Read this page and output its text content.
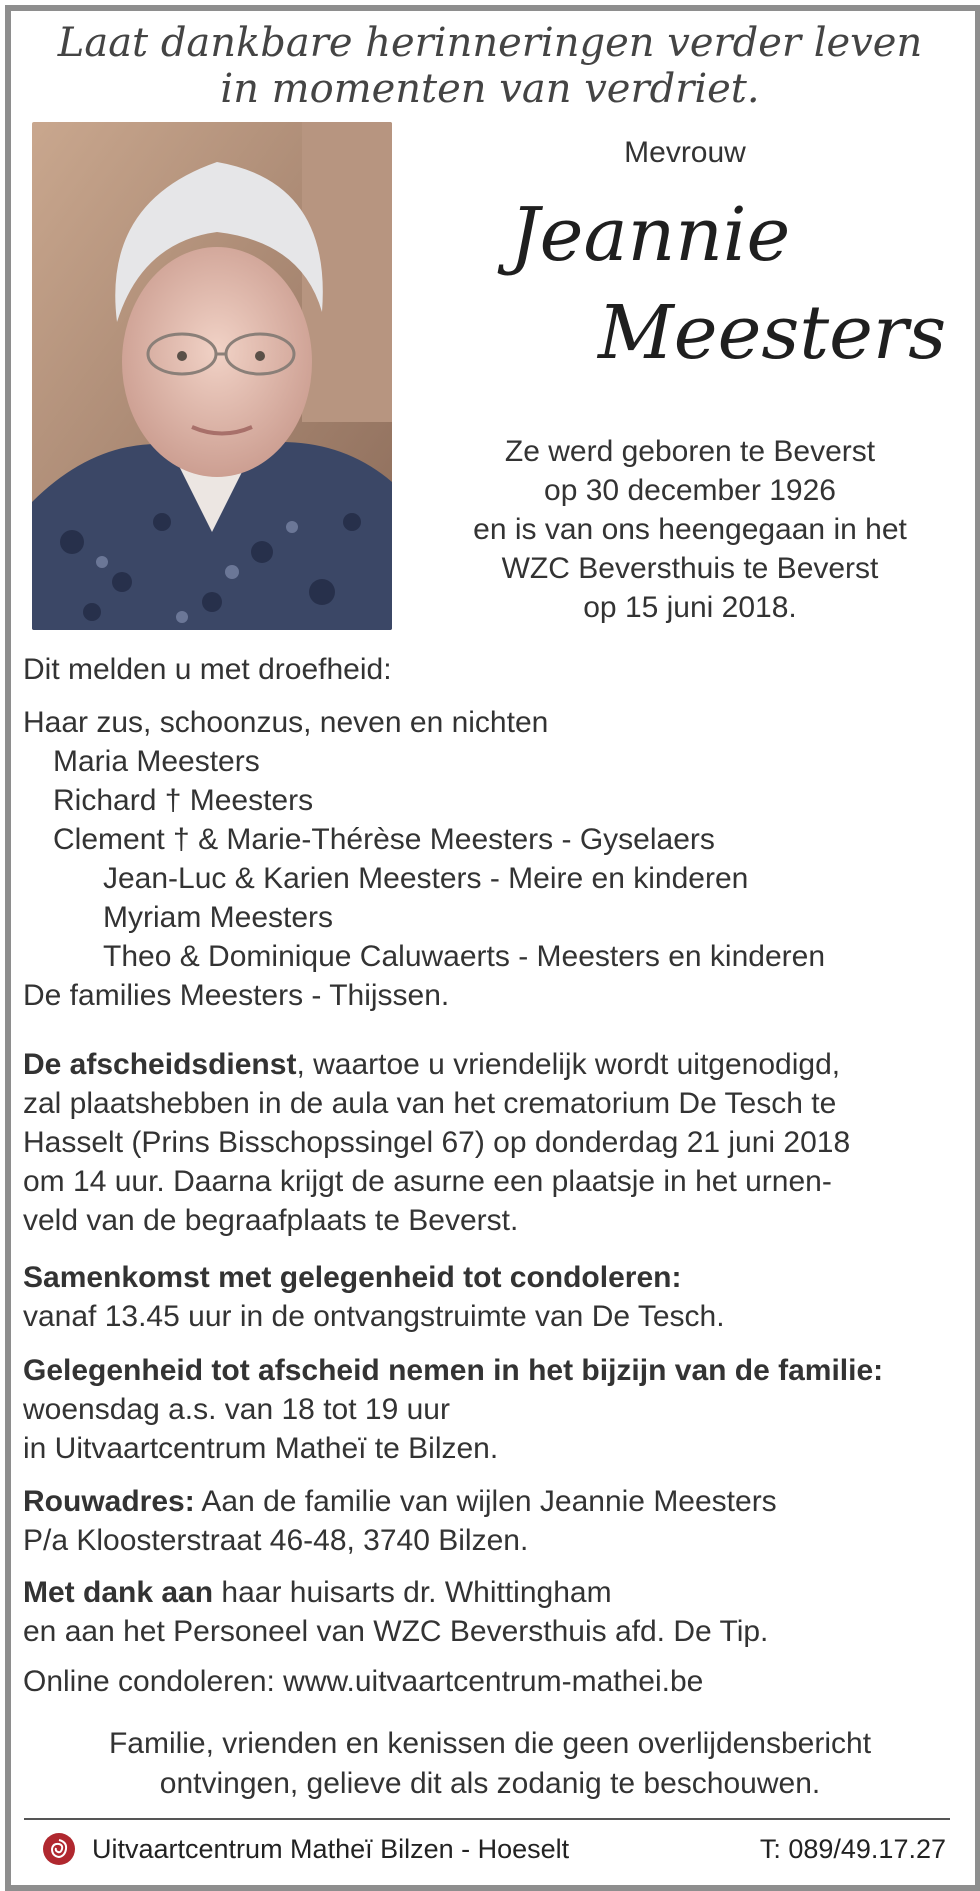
Laat dankbare herinneringen verder leven
in momenten van verdriet.
Mevrouw
Jeannie
Meesters
Ze werd geboren te Beverst
op 30 december 1926
en is van ons heengegaan in het
WZC Beversthuis te Beverst
op 15 juni 2018.
Dit melden u met droefheid:
Haar zus, schoonzus, neven en nichten
Maria Meesters
Richard † Meesters
Clement † & Marie-Thérèse Meesters - Gyselaers
Jean-Luc & Karien Meesters - Meire en kinderen
Myriam Meesters
Theo & Dominique Caluwaerts - Meesters en kinderen
De families Meesters - Thijssen.
De afscheidsdienst, waartoe u vriendelijk wordt uitgenodigd,
zal plaatshebben in de aula van het crematorium De Tesch te
Hasselt (Prins Bisschopssingel 67) op donderdag 21 juni 2018
om 14 uur. Daarna krijgt de asurne een plaatsje in het urnen-
veld van de begraafplaats te Beverst.
Samenkomst met gelegenheid tot condoleren:
vanaf 13.45 uur in de ontvangstruimte van De Tesch.
Gelegenheid tot afscheid nemen in het bijzijn van de familie:
woensdag a.s. van 18 tot 19 uur
in Uitvaartcentrum Matheï te Bilzen.
Rouwadres: Aan de familie van wijlen Jeannie Meesters
P/a Kloosterstraat 46-48, 3740 Bilzen.
Met dank aan haar huisarts dr. Whittingham
en aan het Personeel van WZC Beversthuis afd. De Tip.
Online condoleren: www.uitvaartcentrum-mathei.be
Familie, vrienden en kenissen die geen overlijdensbericht
ontvingen, gelieve dit als zodanig te beschouwen.
Uitvaartcentrum Matheï Bilzen - Hoeselt	T: 089/49.17.27
